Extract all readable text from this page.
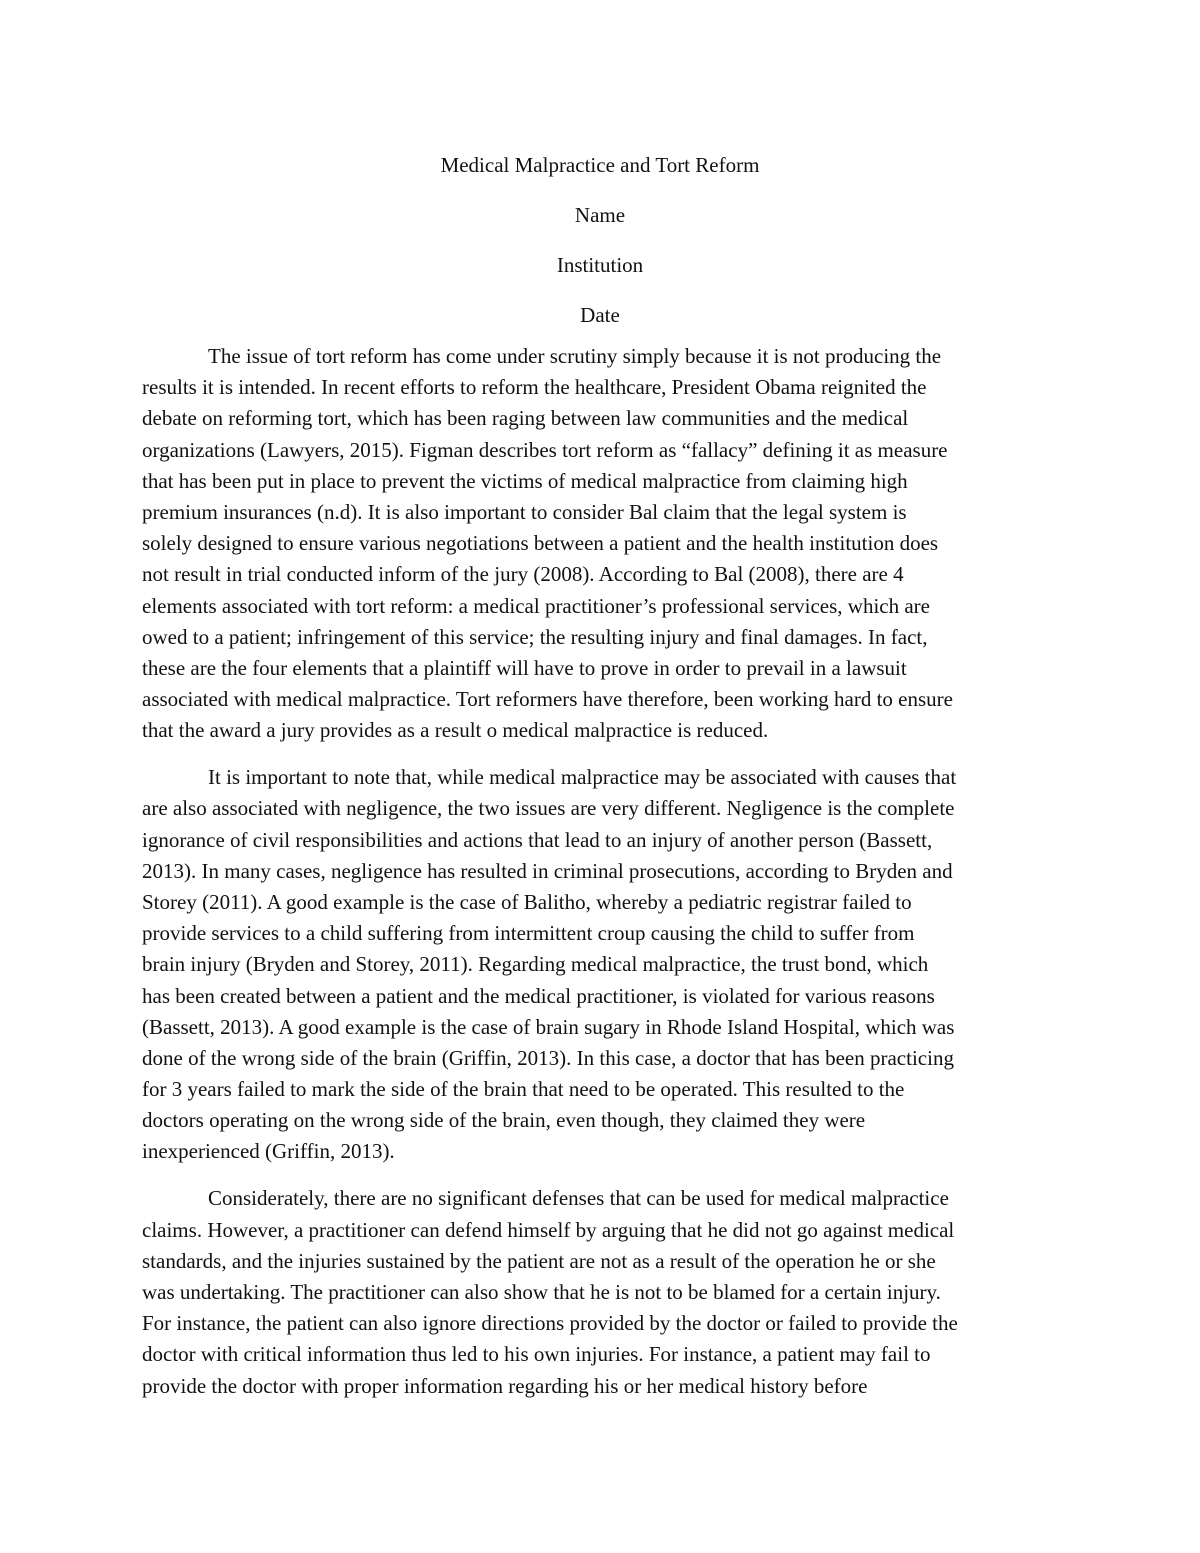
Medical Malpractice and Tort Reform
Name
Institution
Date
The issue of tort reform has come under scrutiny simply because it is not producing the
results it is intended. In recent efforts to reform the healthcare, President Obama reignited the
debate on reforming tort, which has been raging between law communities and the medical
organizations (Lawyers, 2015). Figman describes tort reform as “fallacy” defining it as measure
that has been put in place to prevent the victims of medical malpractice from claiming high
premium insurances (n.d). It is also important to consider Bal claim that the legal system is
solely designed to ensure various negotiations between a patient and the health institution does
not result in trial conducted inform of the jury (2008). According to Bal (2008), there are 4
elements associated with tort reform: a medical practitioner’s professional services, which are
owed to a patient; infringement of this service; the resulting injury and final damages. In fact,
these are the four elements that a plaintiff will have to prove in order to prevail in a lawsuit
associated with medical malpractice. Tort reformers have therefore, been working hard to ensure
that the award a jury provides as a result o medical malpractice is reduced.
It is important to note that, while medical malpractice may be associated with causes that
are also associated with negligence, the two issues are very different. Negligence is the complete
ignorance of civil responsibilities and actions that lead to an injury of another person (Bassett,
2013). In many cases, negligence has resulted in criminal prosecutions, according to Bryden and
Storey (2011). A good example is the case of Balitho, whereby a pediatric registrar failed to
provide services to a child suffering from intermittent croup causing the child to suffer from
brain injury (Bryden and Storey, 2011). Regarding medical malpractice, the trust bond, which
has been created between a patient and the medical practitioner, is violated for various reasons
(Bassett, 2013). A good example is the case of brain sugary in Rhode Island Hospital, which was
done of the wrong side of the brain (Griffin, 2013). In this case, a doctor that has been practicing
for 3 years failed to mark the side of the brain that need to be operated. This resulted to the
doctors operating on the wrong side of the brain, even though, they claimed they were
inexperienced (Griffin, 2013).
Considerately, there are no significant defenses that can be used for medical malpractice
claims. However, a practitioner can defend himself by arguing that he did not go against medical
standards, and the injuries sustained by the patient are not as a result of the operation he or she
was undertaking. The practitioner can also show that he is not to be blamed for a certain injury.
For instance, the patient can also ignore directions provided by the doctor or failed to provide the
doctor with critical information thus led to his own injuries. For instance, a patient may fail to
provide the doctor with proper information regarding his or her medical history before
